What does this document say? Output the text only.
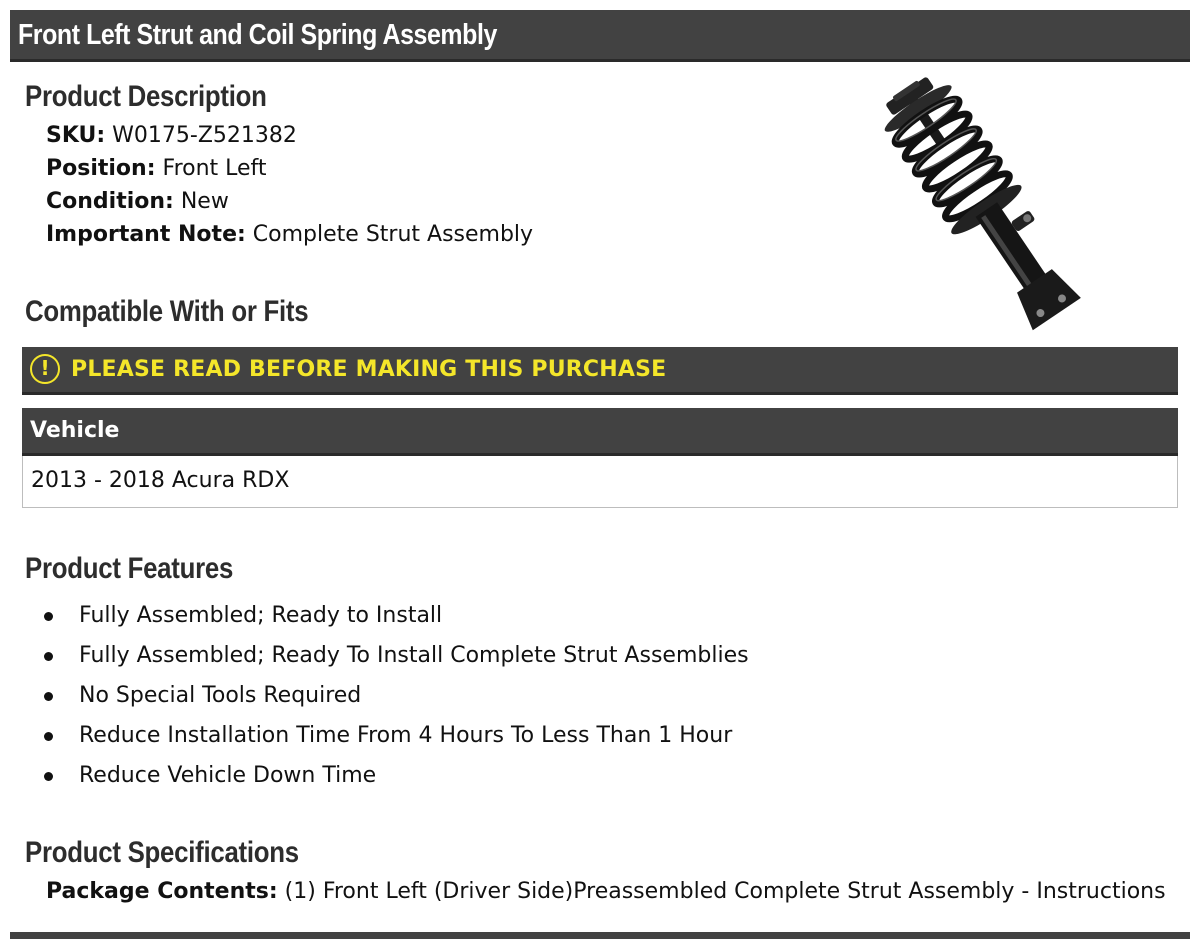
Front Left Strut and Coil Spring Assembly
Product Description
SKU: W0175-Z521382
Position: Front Left
Condition: New
Important Note: Complete Strut Assembly
Compatible With or Fits
! PLEASE READ BEFORE MAKING THIS PURCHASE
Vehicle
2013 - 2018 Acura RDX
Product Features
Fully Assembled; Ready to Install
Fully Assembled; Ready To Install Complete Strut Assemblies
No Special Tools Required
Reduce Installation Time From 4 Hours To Less Than 1 Hour
Reduce Vehicle Down Time
Product Specifications
Package Contents: (1) Front Left (Driver Side)Preassembled Complete Strut Assembly - Instructions
